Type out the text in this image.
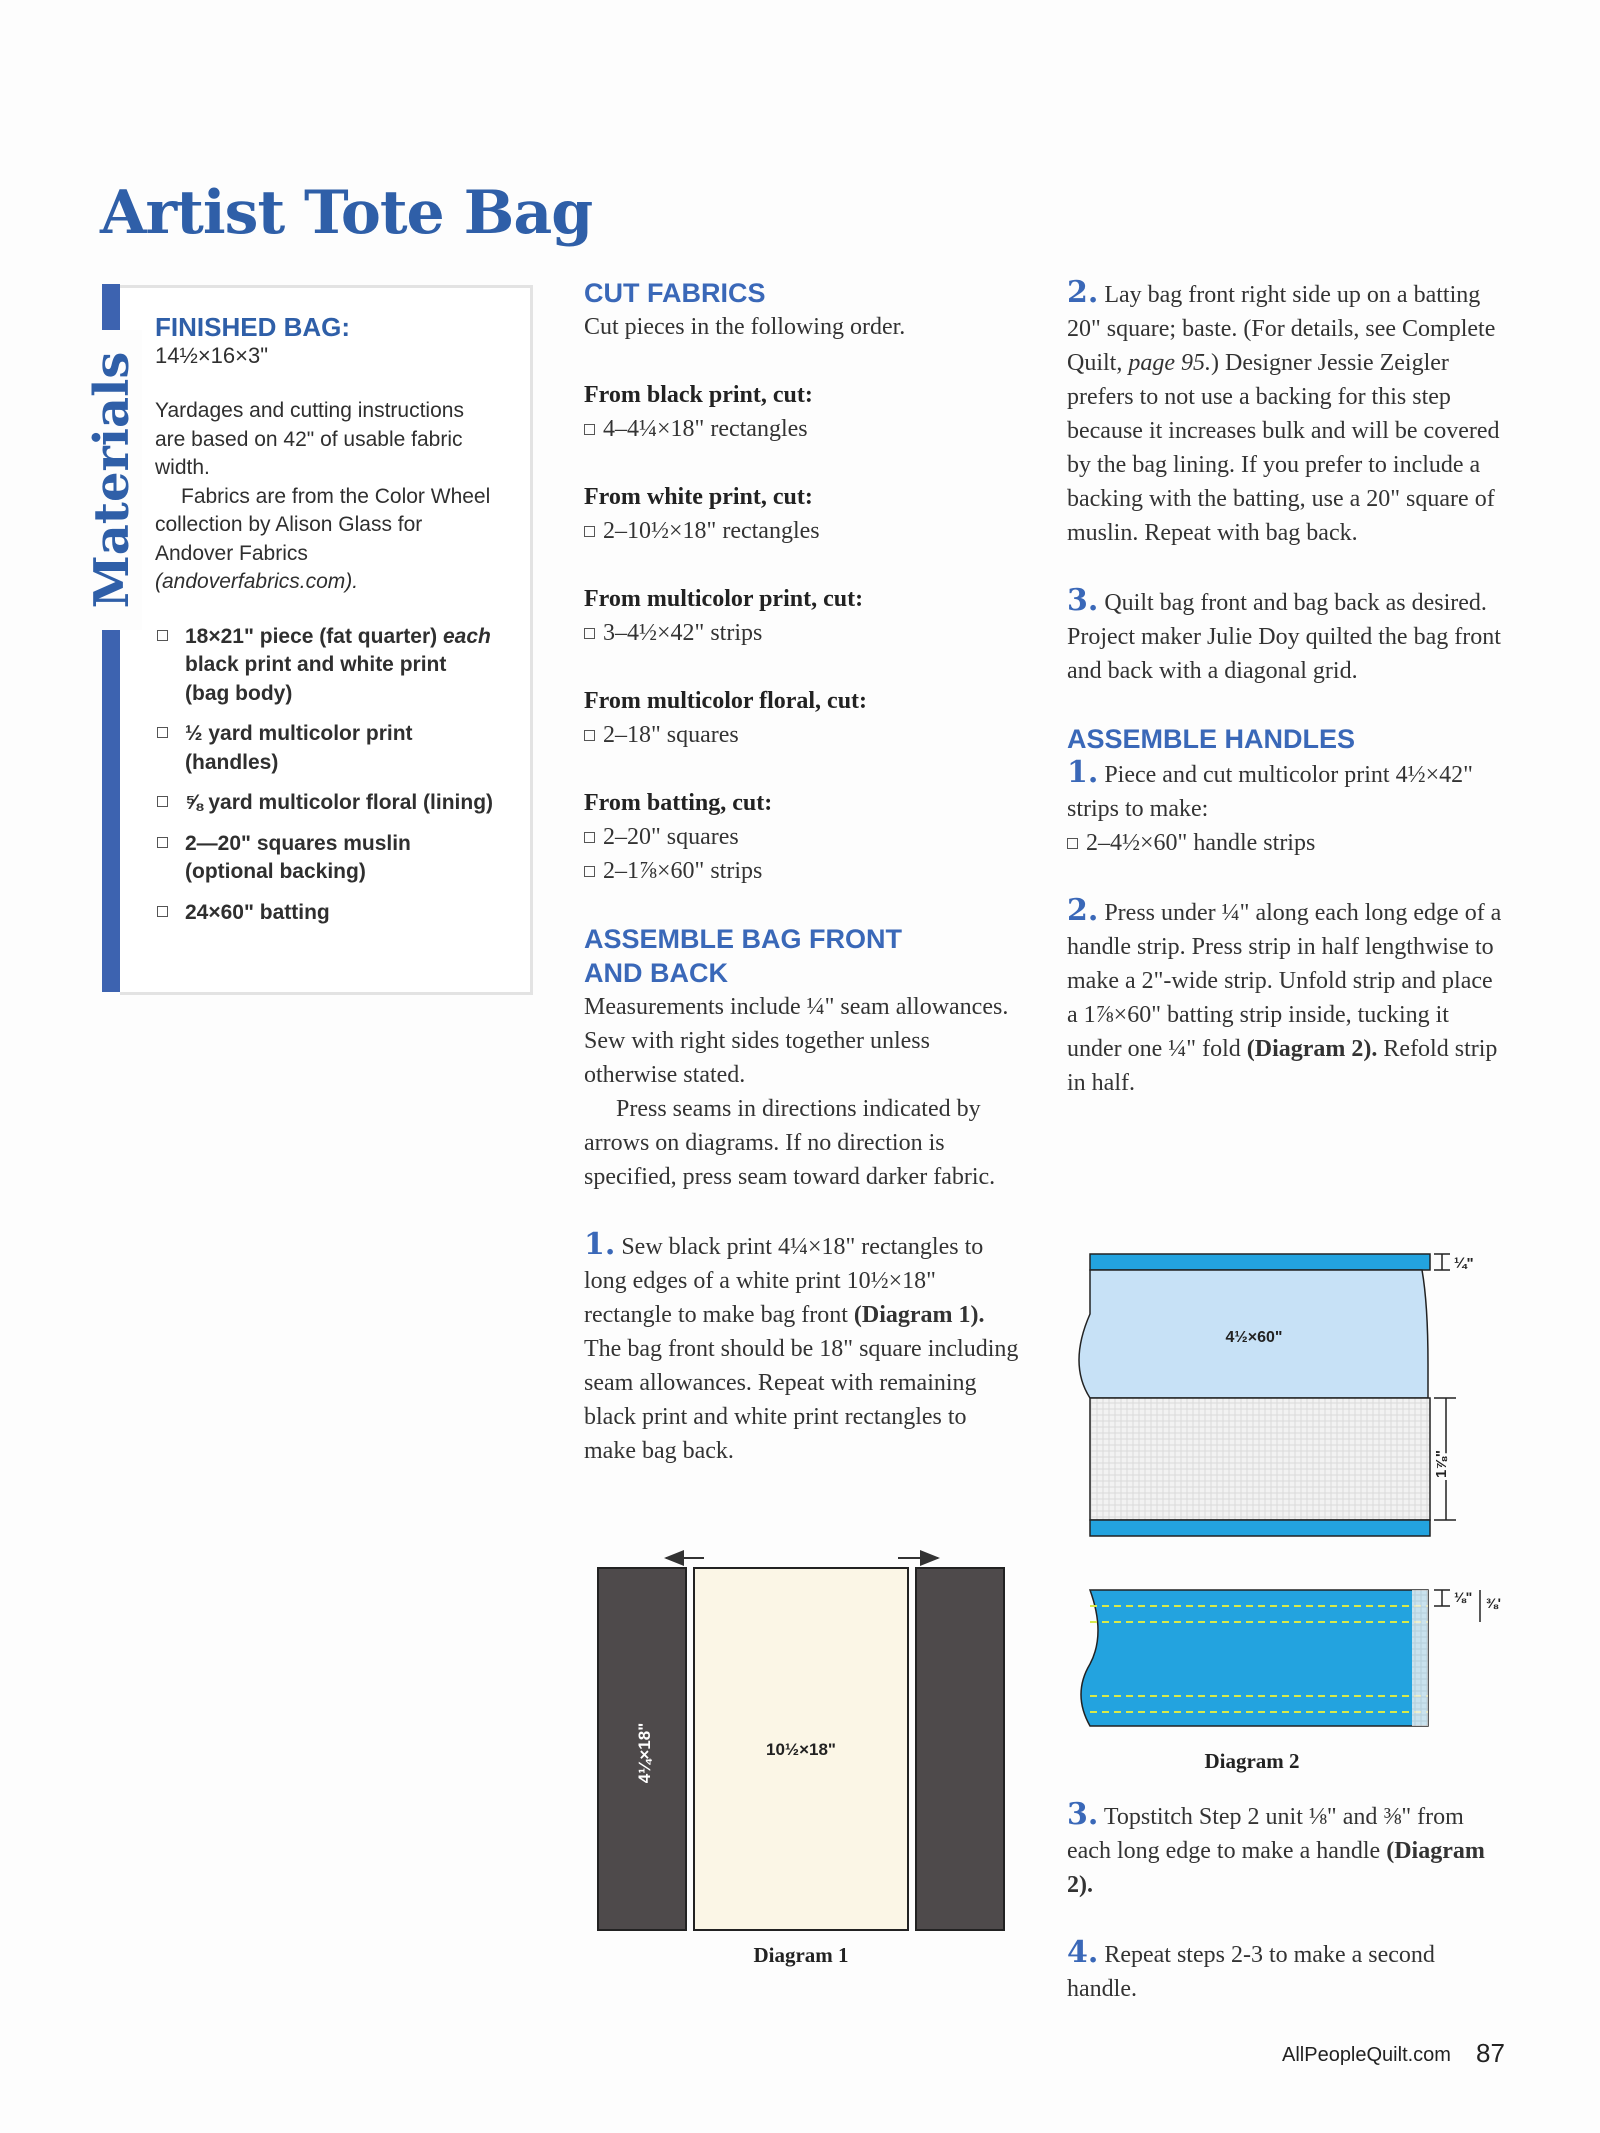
Artist Tote Bag
Materials

FINISHED BAG:

14½×16×3"

Yardages and cutting instructions are based on 42" of usable fabric width.

Fabrics are from the Color Wheel collection by Alison Glass for Andover Fabrics (andoverfabrics.com).

18×21" piece (fat quarter) each black print and white print (bag body)
½ yard multicolor print (handles)
⅝ yard multicolor floral (lining)
2—20" squares muslin (optional backing)
24×60" batting

CUT FABRICS

Cut pieces in the following order.

From black print, cut:

4–4¼×18" rectangles

From white print, cut:

2–10½×18" rectangles

From multicolor print, cut:

3–4½×42" strips

From multicolor floral, cut:

2–18" squares

From batting, cut:

2–20" squares

2–1⅞×60" strips

ASSEMBLE BAG FRONT
AND BACK

Measurements include ¼" seam allowances. Sew with right sides together unless otherwise stated.

Press seams in directions indicated by arrows on diagrams. If no direction is specified, press seam toward darker fabric.

1. Sew black print 4¼×18" rectangles to long edges of a white print 10½×18" rectangle to make bag front (Diagram 1). The bag front should be 18" square including seam allowances. Repeat with remaining black print and white print rectangles to make bag back.

4¼×18"	10½×18"
Diagram 1

2. Lay bag front right side up on a batting 20" square; baste. (For details, see Complete Quilt, page 95.) Designer Jessie Zeigler prefers to not use a backing for this step because it increases bulk and will be covered by the bag lining. If you prefer to include a backing with the batting, use a 20" square of muslin. Repeat with bag back.

3. Quilt bag front and bag back as desired. Project maker Julie Doy quilted the bag front and back with a diagonal grid.

ASSEMBLE HANDLES

1. Piece and cut multicolor print 4½×42" strips to make:

2–4½×60" handle strips

2. Press under ¼" along each long edge of a handle strip. Press strip in half lengthwise to make a 2"-wide strip. Unfold strip and place a 1⅞×60" batting strip inside, tucking it under one ¼" fold (Diagram 2). Refold strip in half.

4½×60"
¼"
1⅞"
⅛" ⅜'
Diagram 2

3. Topstitch Step 2 unit ⅛" and ⅜" from each long edge to make a handle (Diagram 2).

4. Repeat steps 2-3 to make a second handle.

AllPeopleQuilt.com 87
